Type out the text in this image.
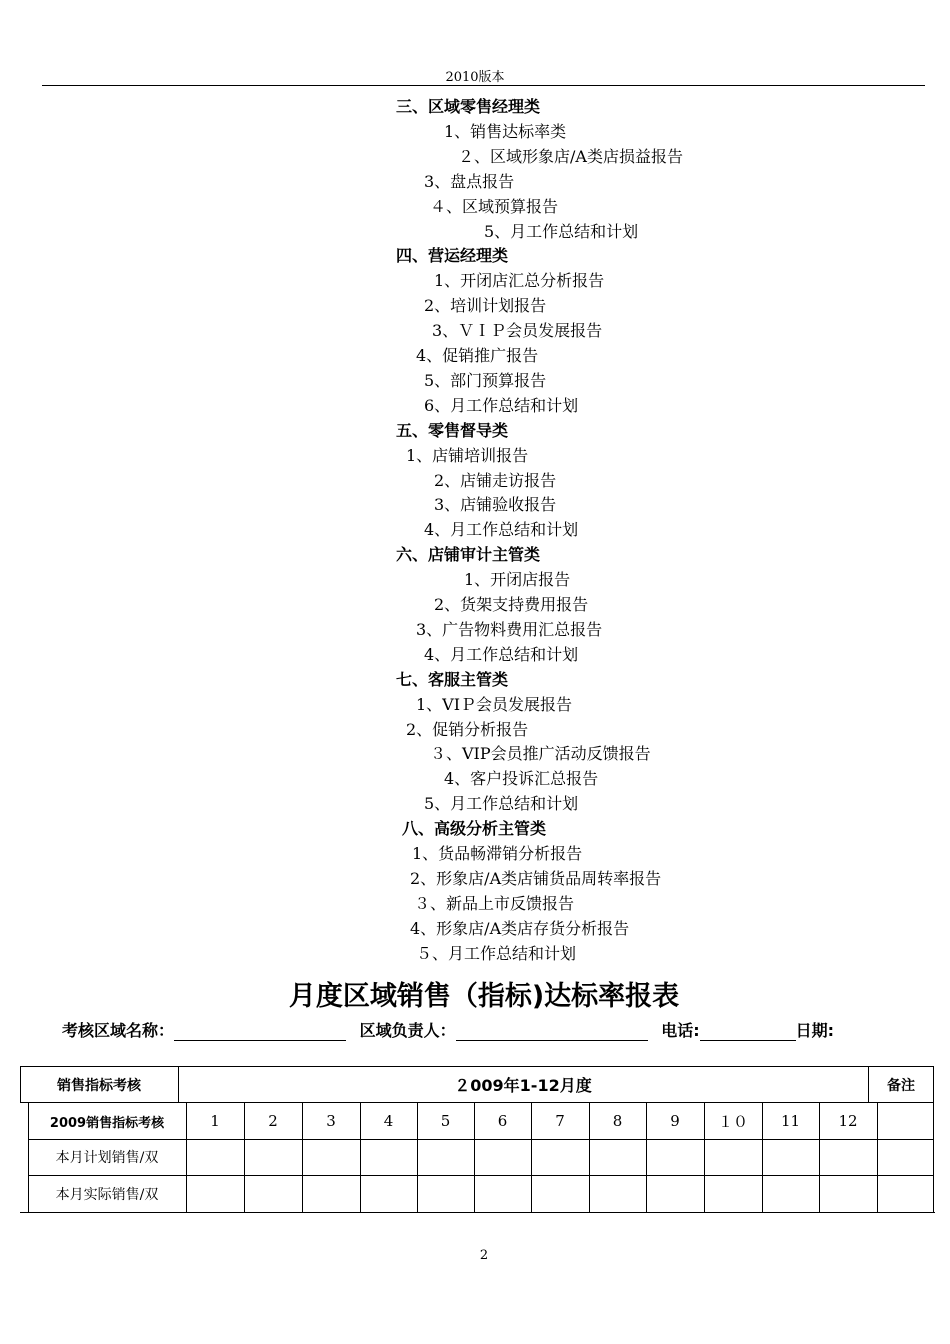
2010版本
三、区域零售经理类
1、销售达标率类
２、区域形象店/A类店损益报告
3、盘点报告
４、区域预算报告
5、月工作总结和计划
四、营运经理类
1、开闭店汇总分析报告
2、培训计划报告
3、ＶＩＰ会员发展报告
4、促销推广报告
5、部门预算报告
6、月工作总结和计划
五、零售督导类
1、店铺培训报告
2、店铺走访报告
3、店铺验收报告
4、月工作总结和计划
六、店铺审计主管类
1、开闭店报告
2、货架支持费用报告
3、广告物料费用汇总报告
4、月工作总结和计划
七、客服主管类
1、VIＰ会员发展报告
2、促销分析报告
３、VIP会员推广活动反馈报告
4、客户投诉汇总报告
5、月工作总结和计划
八、高级分析主管类
1、货品畅滞销分析报告
2、形象店/A类店铺货品周转率报告
３、新品上市反馈报告
4、形象店/A类店存货分析报告
５、月工作总结和计划
月度区域销售（指标)达标率报表
考核区域名称：	区域负责人：	电话:	日期:
销售指标考核	２009年1-12月度	备注
2009销售指标考核	1	2	3	4	5	6	7	8	9	１０	11	12
本月计划销售/双
本月实际销售/双
2
